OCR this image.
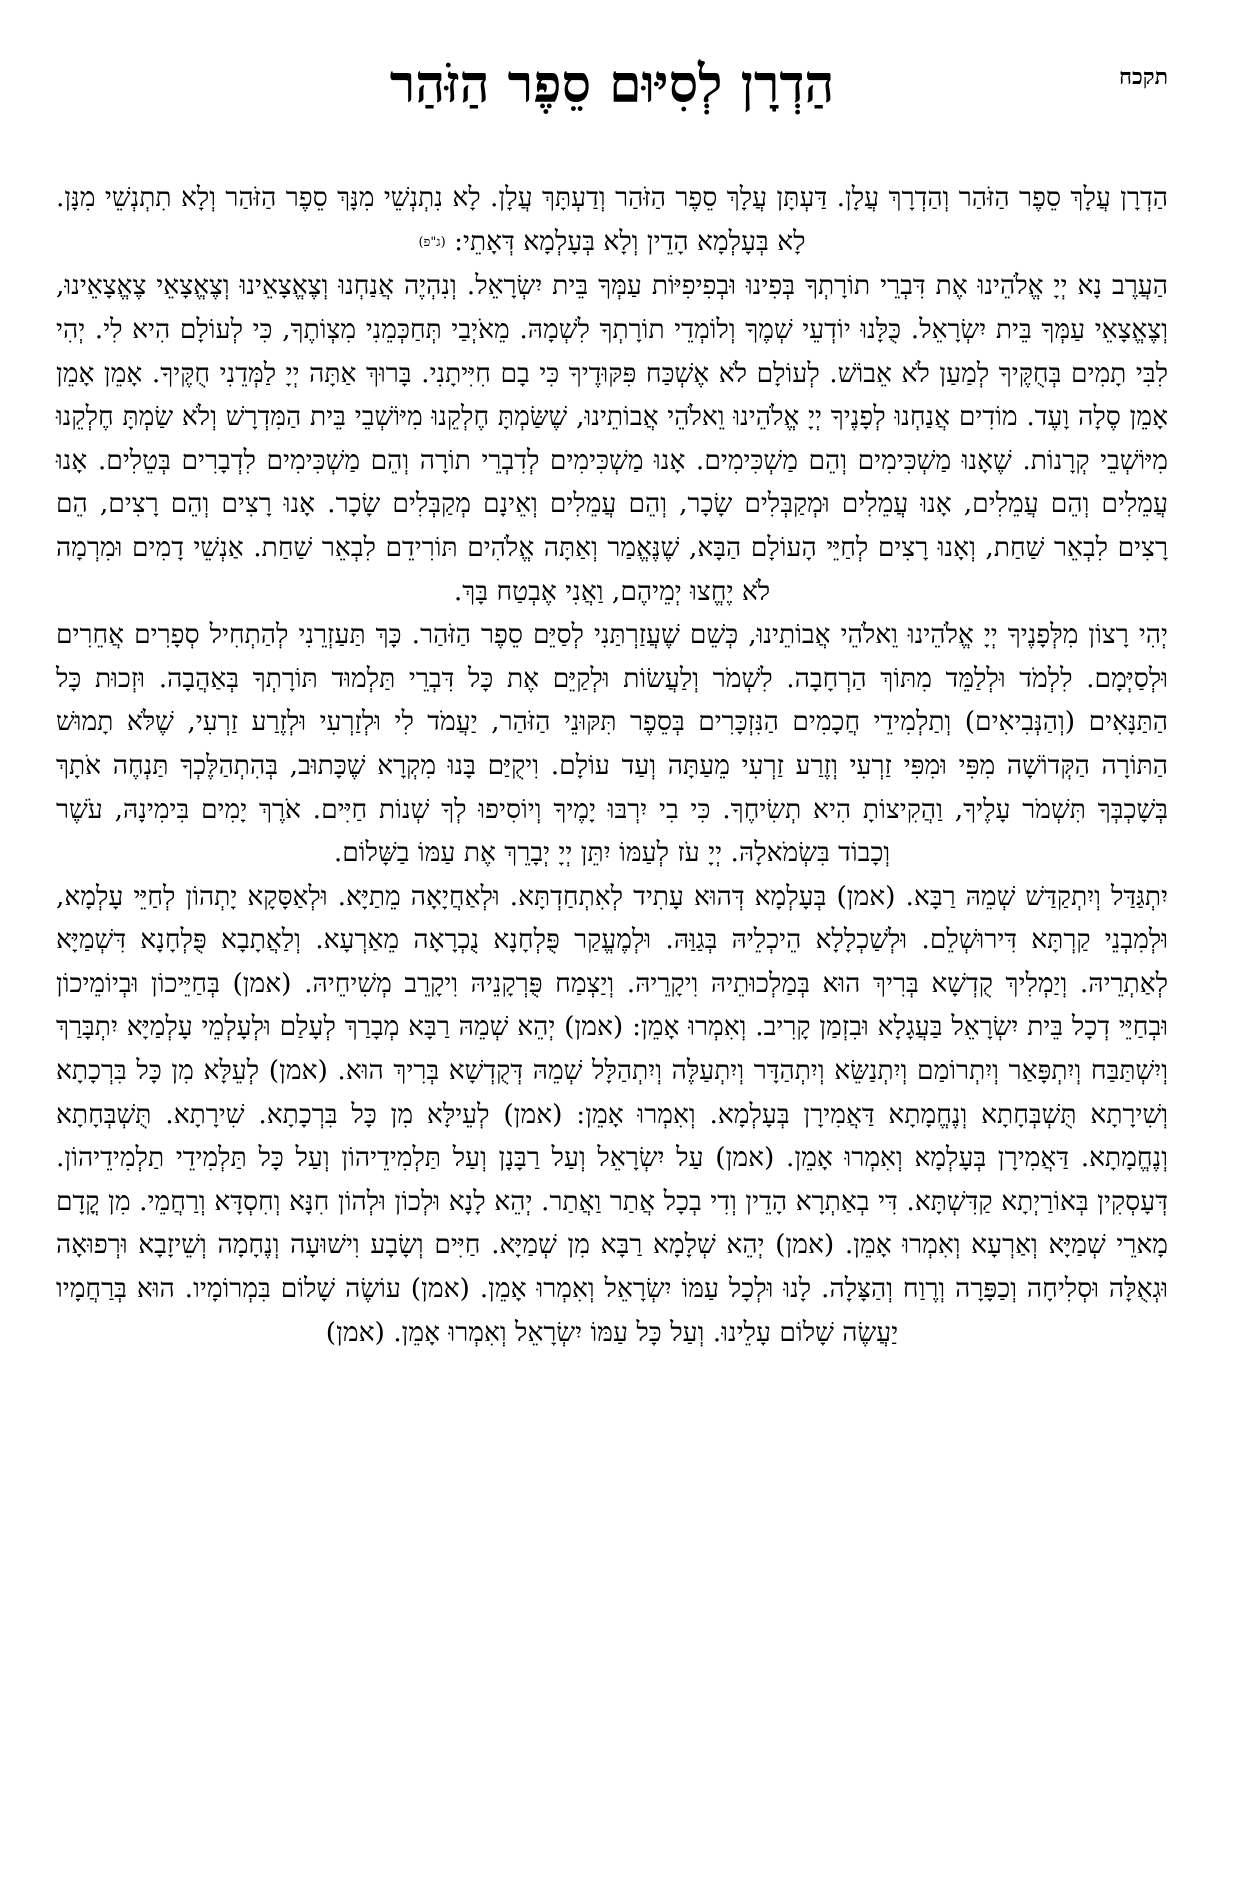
תקכח
הַדְרָן לְסִיּוּם סֵפֶר הַזֹּהַר

הַדְרָן עֲלָךְ סֵפֶר הַזֹּהַר וְהַדְרָךְ עֲלָן. דַּעְתָּן עֲלָךְ סֵפֶר הַזֹּהַר וְדַעְתָּךְ עֲלָן. לָא נִתְנְשֵׁי מִנָּךְ סֵפֶר הַזֹּהַר וְלָא תִתְנְשֵׁי מִנָּן. לָא בְּעָלְמָא הָדֵין וְלָא בְּעָלְמָא דְּאָתֵי: (ג"פ)

הַעֲרֶב נָא יְיָ אֱלֹהֵינוּ אֶת דִּבְרֵי תוֹרָתְךָ בְּפִינוּ וּבְפִיפִיּוֹת עַמְּךָ בֵּית יִשְׂרָאֵל. וְנִהְיֶה אֲנַחְנוּ וְצֶאֱצָאֵינוּ וְצֶאֱצָאֵי צֶאֱצָאֵינוּ, וְצֶאֱצָאֵי עַמְּךָ בֵּית יִשְׂרָאֵל. כֻּלָּנוּ יוֹדְעֵי שְׁמֶךָ וְלוֹמְדֵי תוֹרָתְךָ לִשְׁמָהּ. מֵאֹיְבַי תְּחַכְּמֵנִי מִצְוֹתֶךָ, כִּי לְעוֹלָם הִיא לִי. יְהִי לִבִּי תָמִים בְּחֻקֶּיךָ לְמַעַן לֹא אֵבוֹשׁ. לְעוֹלָם לֹא אֶשְׁכַּח פִּקּוּדֶיךָ כִּי בָם חִיִּיתָנִי. בָּרוּךְ אַתָּה יְיָ לַמְּדֵנִי חֻקֶּיךָ. אָמֵן אָמֵן אָמֵן סֶלָה וָעֶד. מוֹדִים אֲנַחְנוּ לְפָנֶיךָ יְיָ אֱלֹהֵינוּ וֵאלֹהֵי אֲבוֹתֵינוּ, שֶׁשַּׂמְתָּ חֶלְקֵנוּ מִיּוֹשְׁבֵי בֵּית הַמִּדְרָשׁ וְלֹא שַׂמְתָּ חֶלְקֵנוּ מִיּוֹשְׁבֵי קְרָנוֹת. שֶׁאָנוּ מַשְׁכִּימִים וְהֵם מַשְׁכִּימִים. אָנוּ מַשְׁכִּימִים לְדִבְרֵי תוֹרָה וְהֵם מַשְׁכִּימִים לִדְבָרִים בְּטֵלִים. אָנוּ עֲמֵלִים וְהֵם עֲמֵלִים, אָנוּ עֲמֵלִים וּמְקַבְּלִים שָׂכָר, וְהֵם עֲמֵלִים וְאֵינָם מְקַבְּלִים שָׂכָר. אָנוּ רָצִים וְהֵם רָצִים, הֵם רָצִים לִבְאֵר שַׁחַת, וְאָנוּ רָצִים לְחַיֵּי הָעוֹלָם הַבָּא, שֶׁנֶּאֱמַר וְאַתָּה אֱלֹהִים תּוֹרִידֵם לִבְאֵר שַׁחַת. אַנְשֵׁי דָמִים וּמִרְמָה לֹא יֶחֱצוּ יְמֵיהֶם, וַאֲנִי אֶבְטַח בָּךְ.

יְהִי רָצוֹן מִלְּפָנֶיךָ יְיָ אֱלֹהֵינוּ וֵאלֹהֵי אֲבוֹתֵינוּ, כְּשֵׁם שֶׁעֲזַרְתַּנִי לְסַיֵּם סֵפֶר הַזֹּהַר. כָּךְ תַּעַזְרֵנִי לְהַתְחִיל סְפָרִים אֲחֵרִים וּלְסַיְּמָם. לִלְמֹד וּלְלַמֵּד מִתּוֹךְ הַרְחָבָה. לִשְׁמֹר וְלַעֲשׂוֹת וּלְקַיֵּם אֶת כָּל דִּבְרֵי תַּלְמוּד תּוֹרָתְךָ בְּאַהֲבָה. וּזְכוּת כָּל הַתַּנָּאִים (וְהַנְּבִיאִים) וְתַלְמִידֵי חֲכָמִים הַנִּזְכָּרִים בְּסֵפֶר תִּקּוּנֵי הַזֹּהַר, יַעֲמֹד לִי וּלְזַרְעִי וּלְזֶרַע זַרְעִי, שֶׁלֹּא תָמוּשׁ הַתּוֹרָה הַקְּדוֹשָׁה מִפִּי וּמִפִּי זַרְעִי וְזֶרַע זַרְעִי מֵעַתָּה וְעַד עוֹלָם. וִיקֻיַּם בָּנוּ מִקְרָא שֶׁכָּתוּב, בְּהִתְהַלֶּכְךָ תַּנְחֶה אֹתָךְ בְּשָׁכְבְּךָ תִּשְׁמֹר עָלֶיךָ, וַהֲקִיצוֹתָ הִיא תְשִׂיחֶךָ. כִּי בִי יִרְבּוּ יָמֶיךָ וְיוֹסִיפוּ לְךָ שְׁנוֹת חַיִּים. אֹרֶךְ יָמִים בִּימִינָהּ, עֹשֶׁר וְכָבוֹד בִּשְׂמֹאלָהּ. יְיָ עֹז לְעַמּוֹ יִתֵּן יְיָ יְבָרֵךְ אֶת עַמּוֹ בַשָּׁלוֹם.

יִתְגַּדַּל וְיִתְקַדַּשׁ שְׁמֵהּ רַבָּא. (אמן) בְּעָלְמָא דְּהוּא עָתִיד לְאִתְחַדְתָּא. וּלְאַחֲיָאָה מֵתַיָּא. וּלְאַסָּקָא יָתְהוֹן לְחַיֵּי עָלְמָא, וּלְמִבְנֵי קַרְתָּא דִּירוּשְׁלֵם. וּלְשַׁכְלָלָא הֵיכְלֵיהּ בְּגַוַּהּ. וּלְמֶעֱקַר פֻּלְחָנָא נֻכְרָאָה מֵאַרְעָא. וְלַאֲתָבָא פֻּלְחָנָא דִּשְׁמַיָּא לְאַתְרֵיהּ. וְיַמְלִיךְ קֻדְשָׁא בְּרִיךְ הוּא בְּמַלְכוּתֵיהּ וִיקָרֵיהּ. וְיַצְמַח פֻּרְקָנֵיהּ וִיקָרֵב מְשִׁיחֵיהּ. (אמן) בְּחַיֵּיכוֹן וּבְיוֹמֵיכוֹן וּבְחַיֵּי דְכָל בֵּית יִשְׂרָאֵל בַּעֲגָלָא וּבִזְמַן קָרִיב. וְאִמְרוּ אָמֵן: (אמן) יְהֵא שְׁמֵהּ רַבָּא מְבָרַךְ לְעָלַם וּלְעָלְמֵי עָלְמַיָּא יִתְבָּרַךְ וְיִשְׁתַּבַּח וְיִתְפָּאַר וְיִתְרוֹמַם וְיִתְנַשֵּׂא וְיִתְהַדָּר וְיִתְעַלֶּה וְיִתְהַלָּל שְׁמֵהּ דְּקֻדְשָׁא בְּרִיךְ הוּא. (אמן) לְעֵלָּא מִן כָּל בִּרְכָתָא וְשִׁירָתָא תֻּשְׁבְּחָתָא וְנֶחֱמָתָא דַּאֲמִירָן בְּעָלְמָא. וְאִמְרוּ אָמֵן: (אמן) לְעֵילָּא מִן כָּל בִּרְכָתָא. שִׁירָתָא. תֻּשְׁבְּחָתָא וְנֶחֱמָתָא. דַּאֲמִירָן בְּעָלְמָא וְאִמְרוּ אָמֵן. (אמן) עַל יִשְׂרָאֵל וְעַל רַבָּנָן וְעַל תַּלְמִידֵיהוֹן וְעַל כָּל תַּלְמִידֵי תַלְמִידֵיהוֹן. דְּעָסְקִין בְּאוֹרַיְתָא קַדִּשְׁתָּא. דִּי בְאַתְרָא הָדֵין וְדִי בְכָל אֲתַר וַאֲתַר. יְהֵא לָנָא וּלְכוֹן וּלְהוֹן חִנָּא וְחִסְדָּא וְרַחֲמֵי. מִן קֳדָם מָארֵי שְׁמַיָּא וְאַרְעָא וְאִמְרוּ אָמֵן. (אמן) יְהֵא שְׁלָמָא רַבָּא מִן שְׁמַיָּא. חַיִּים וְשָׂבָע וִישׁוּעָה וְנֶחָמָה וְשֵׁיזָבָא וּרְפוּאָה וּגְאֻלָּה וּסְלִיחָה וְכַפָּרָה וְרֶוַח וְהַצָּלָה. לָנוּ וּלְכָל עַמּוֹ יִשְׂרָאֵל וְאִמְרוּ אָמֵן. (אמן) עוֹשֶׂה שָׁלוֹם בִּמְרוֹמָיו. הוּא בְּרַחֲמָיו יַעֲשֶׂה שָׁלוֹם עָלֵינוּ. וְעַל כָּל עַמּוֹ יִשְׂרָאֵל וְאִמְרוּ אָמֵן. (אמן)
